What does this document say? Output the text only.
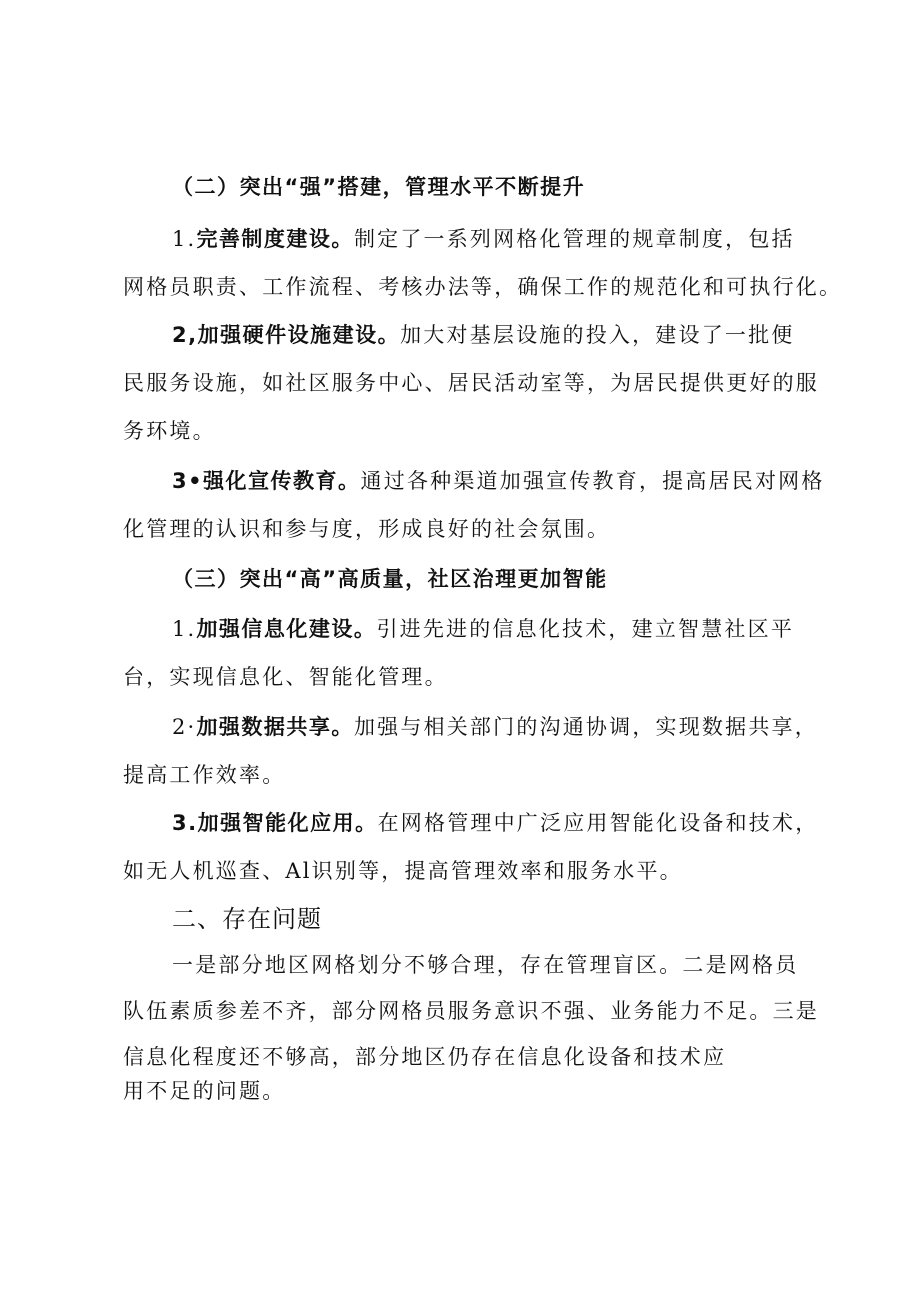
（二）突出“强”搭建，管理水平不断提升
1.完善制度建设。制定了一系列网格化管理的规章制度，包括
网格员职责、工作流程、考核办法等，确保工作的规范化和可执行化。
2,加强硬件设施建设。加大对基层设施的投入，建设了一批便
民服务设施，如社区服务中心、居民活动室等，为居民提供更好的服
务环境。
3•强化宣传教育。通过各种渠道加强宣传教育，提高居民对网格
化管理的认识和参与度，形成良好的社会氛围。
（三）突出“高”高质量，社区治理更加智能
1.加强信息化建设。引进先进的信息化技术，建立智慧社区平
台，实现信息化、智能化管理。
2·加强数据共享。加强与相关部门的沟通协调，实现数据共享，
提高工作效率。
3.加强智能化应用。在网格管理中广泛应用智能化设备和技术，
如无人机巡查、Al识别等，提高管理效率和服务水平。
二、存在问题
一是部分地区网格划分不够合理，存在管理盲区。二是网格员
队伍素质参差不齐，部分网格员服务意识不强、业务能力不足。三是
信息化程度还不够高，部分地区仍存在信息化设备和技术应
用不足的问题。
